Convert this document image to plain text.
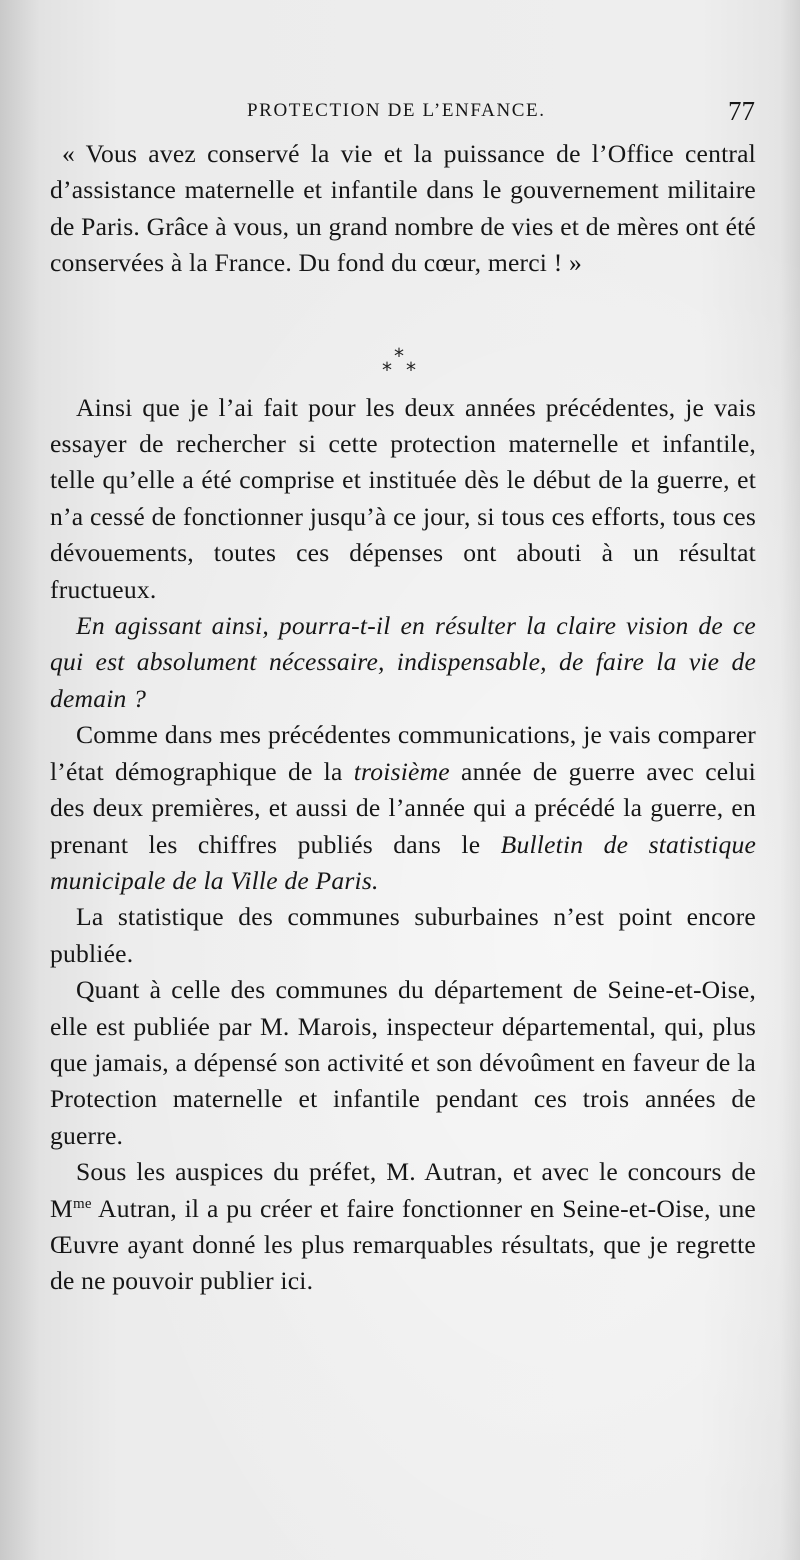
PROTECTION DE L’ENFANCE.	77

« Vous avez conservé la vie et la puissance de l’Office central d’assistance maternelle et infantile dans le gouvernement militaire de Paris. Grâce à vous, un grand nombre de vies et de mères ont été conservées à la France. Du fond du cœur, merci ! »

*
* *

Ainsi que je l’ai fait pour les deux années précédentes, je vais essayer de rechercher si cette protection maternelle et infantile, telle qu’elle a été comprise et instituée dès le début de la guerre, et n’a cessé de fonctionner jusqu’à ce jour, si tous ces efforts, tous ces dévouements, toutes ces dépenses ont abouti à un résultat fructueux.

En agissant ainsi, pourra-t-il en résulter la claire vision de ce qui est absolument nécessaire, indispensable, de faire la vie de demain ?

Comme dans mes précédentes communications, je vais comparer l’état démographique de la troisième année de guerre avec celui des deux premières, et aussi de l’année qui a précédé la guerre, en prenant les chiffres publiés dans le Bulletin de statistique municipale de la Ville de Paris.

La statistique des communes suburbaines n’est point encore publiée.

Quant à celle des communes du département de Seine-et-Oise, elle est publiée par M. Marois, inspecteur départemental, qui, plus que jamais, a dépensé son activité et son dévoûment en faveur de la Protection maternelle et infantile pendant ces trois années de guerre.

Sous les auspices du préfet, M. Autran, et avec le concours de $M^{me}$ Autran, il a pu créer et faire fonctionner en Seine-et-Oise, une Œuvre ayant donné les plus remarquables résultats, que je regrette de ne pouvoir publier ici.
